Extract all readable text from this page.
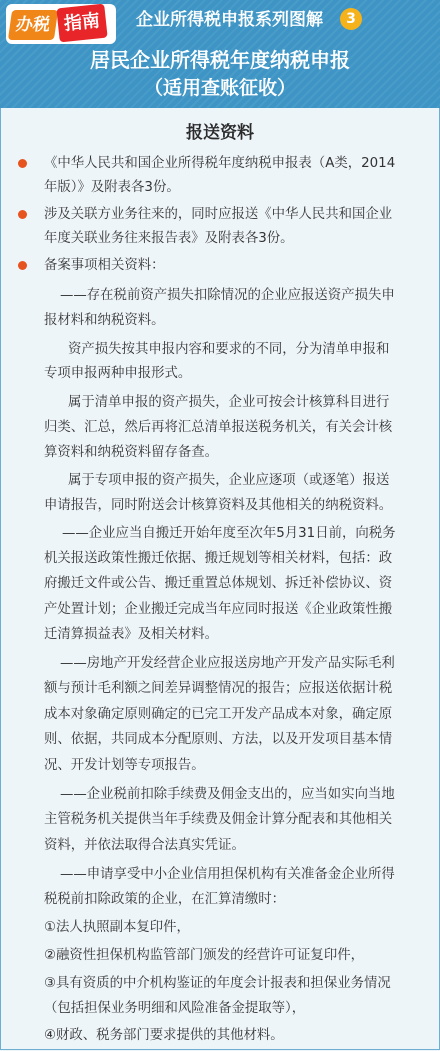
办税 指南	企业所得税申报系列图解	3
居民企业所得税年度纳税申报
（适用查账征收）
报送资料
《中华人民共和国企业所得税年度纳税申报表（A类，2014
年版）》及附表各3份。
涉及关联方业务往来的，同时应报送《中华人民共和国企业
年度关联业务往来报告表》及附表各3份。
备案事项相关资料：
——存在税前资产损失扣除情况的企业应报送资产损失申
报材料和纳税资料。
资产损失按其申报内容和要求的不同，分为清单申报和
专项申报两种申报形式。
属于清单申报的资产损失，企业可按会计核算科目进行
归类、汇总，然后再将汇总清单报送税务机关，有关会计核
算资料和纳税资料留存备查。
属于专项申报的资产损失，企业应逐项（或逐笔）报送
申请报告，同时附送会计核算资料及其他相关的纳税资料。
——企业应当自搬迁开始年度至次年5月31日前，向税务
机关报送政策性搬迁依据、搬迁规划等相关材料，包括：政
府搬迁文件或公告、搬迁重置总体规划、拆迁补偿协议、资
产处置计划；企业搬迁完成当年应同时报送《企业政策性搬
迁清算损益表》及相关材料。
——房地产开发经营企业应报送房地产开发产品实际毛利
额与预计毛利额之间差异调整情况的报告；应报送依据计税
成本对象确定原则确定的已完工开发产品成本对象，确定原
则、依据，共同成本分配原则、方法，以及开发项目基本情
况、开发计划等专项报告。
——企业税前扣除手续费及佣金支出的，应当如实向当地
主管税务机关提供当年手续费及佣金计算分配表和其他相关
资料，并依法取得合法真实凭证。
——申请享受中小企业信用担保机构有关准备金企业所得
税税前扣除政策的企业，在汇算清缴时：
①法人执照副本复印件，
②融资性担保机构监管部门颁发的经营许可证复印件，
③具有资质的中介机构鉴证的年度会计报表和担保业务情况
（包括担保业务明细和风险准备金提取等），
④财政、税务部门要求提供的其他材料。
